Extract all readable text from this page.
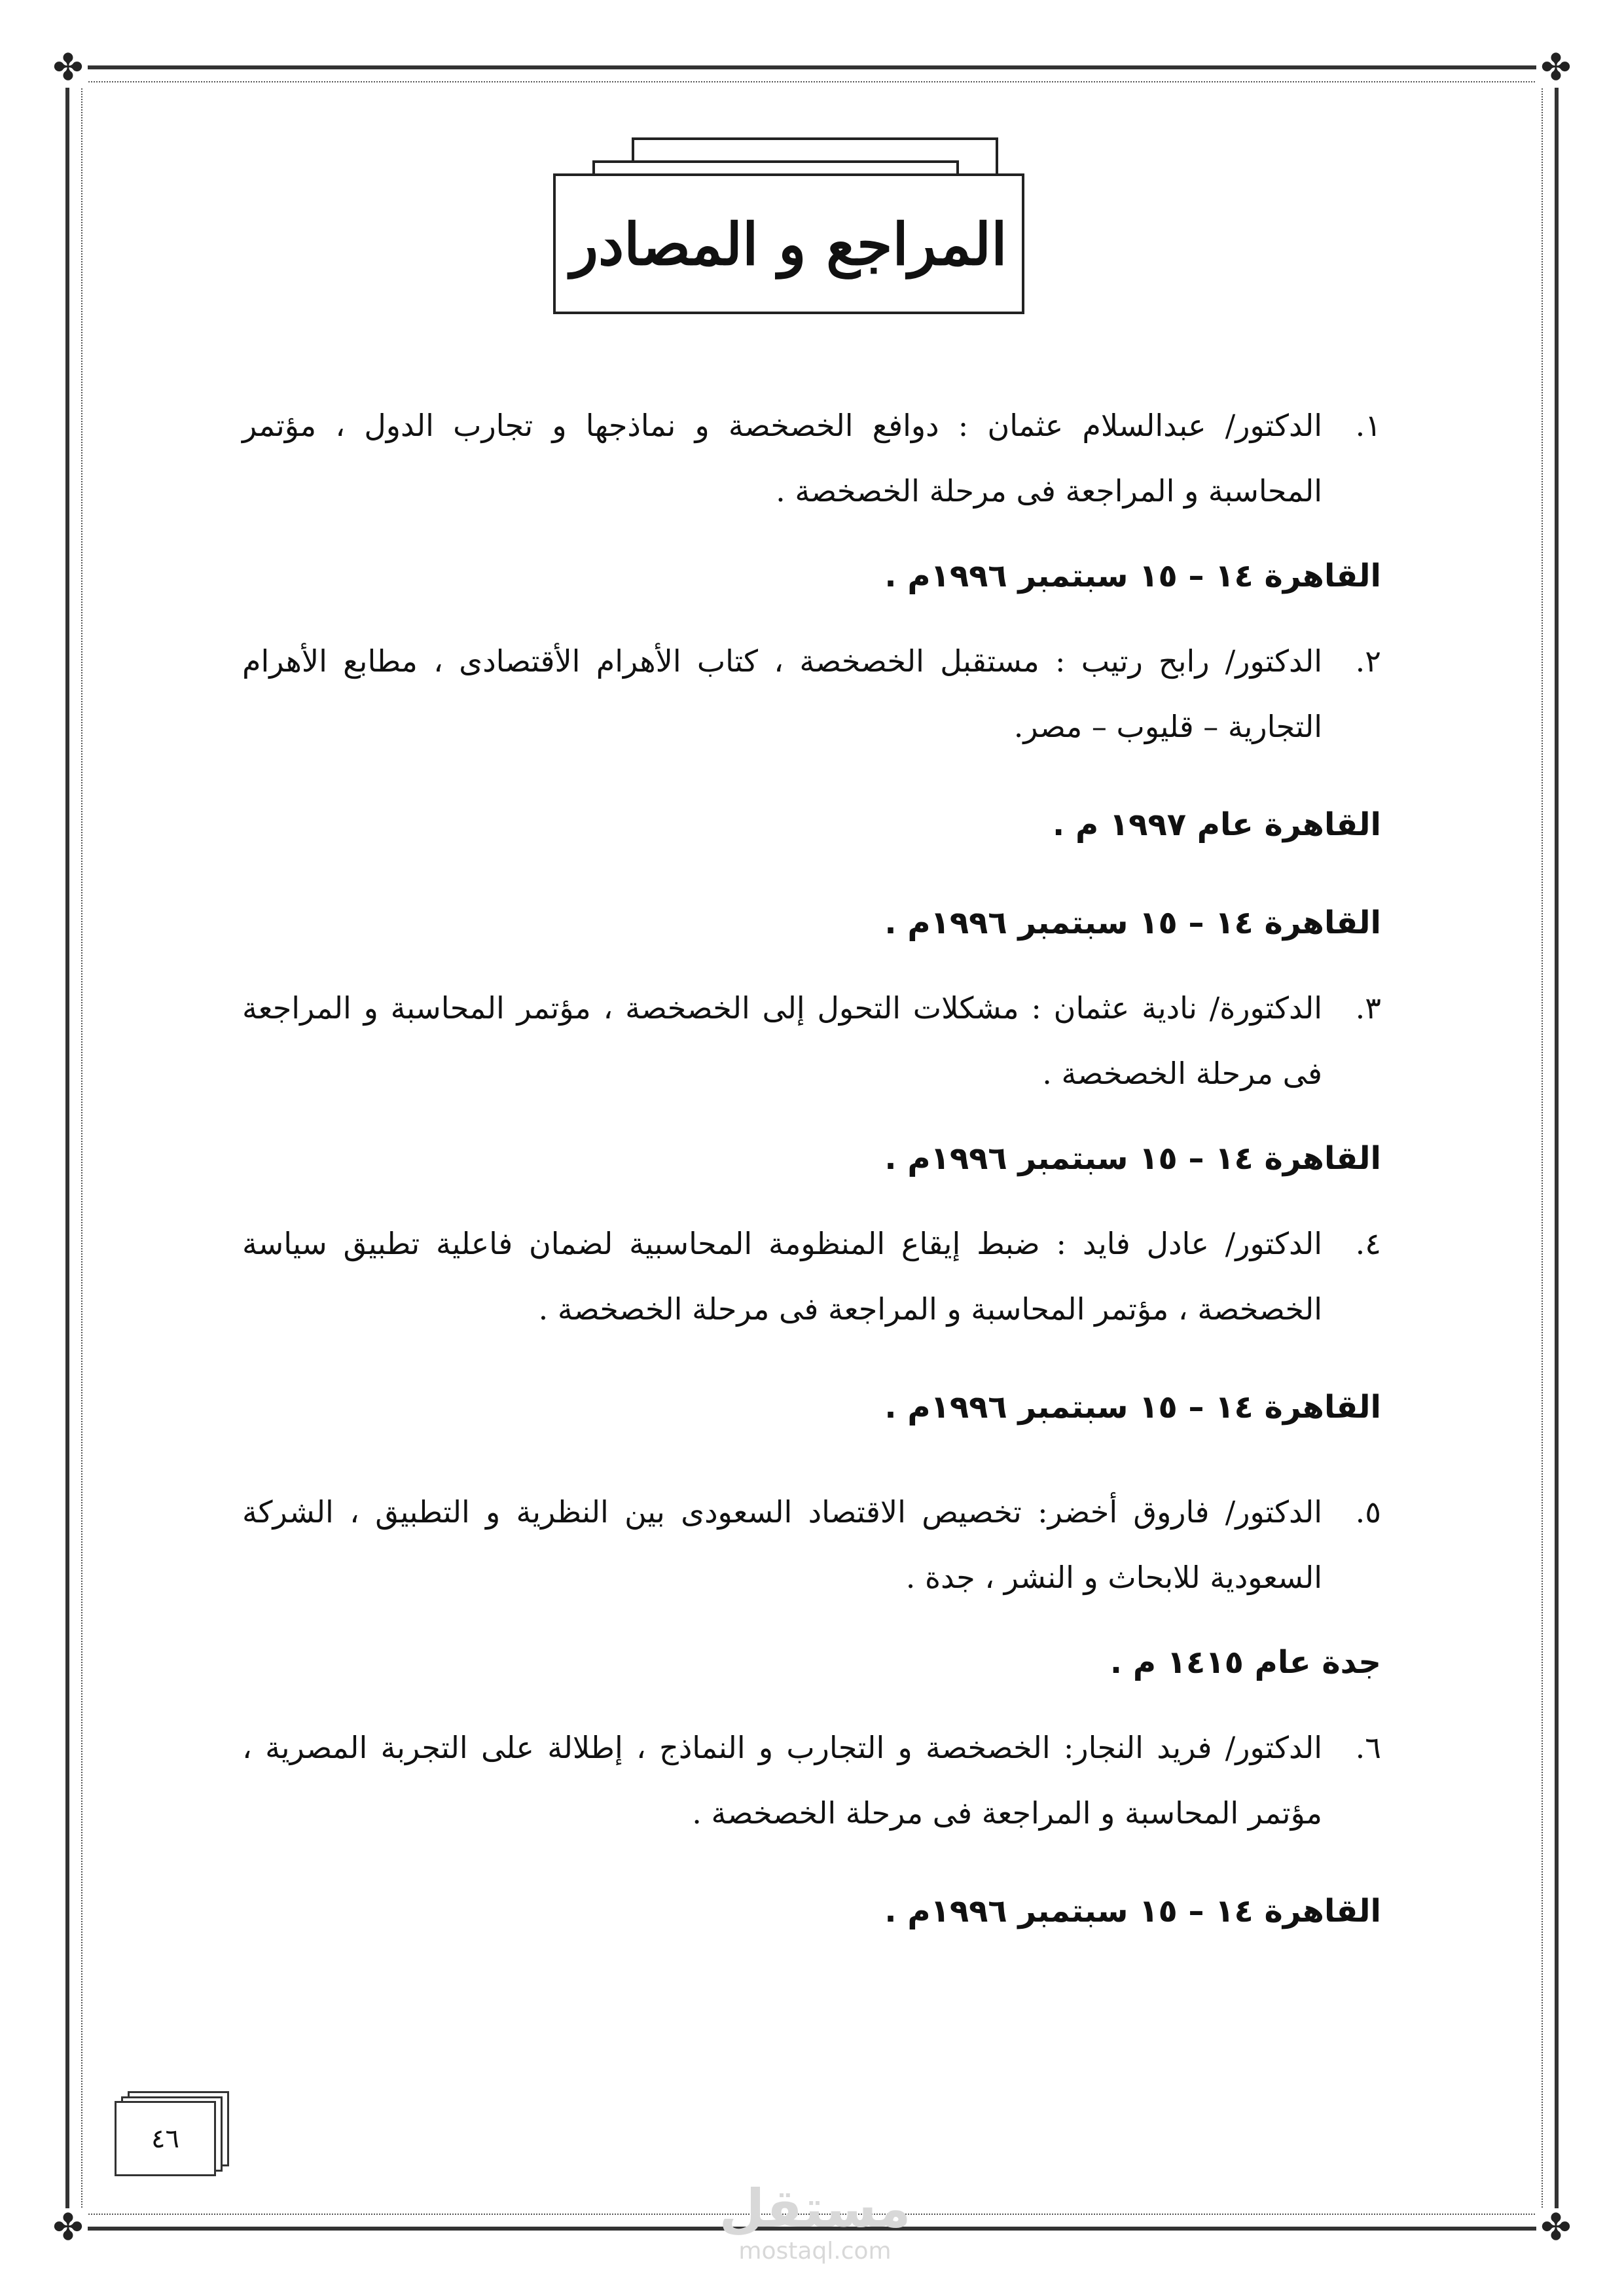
✤	✤
✤	✤
المراجع و المصادر
١.
الدكتور/ عبدالسلام عثمان : دوافع الخصخصة و نماذجها و تجارب الدول ، مؤتمر المحاسبة و المراجعة فى مرحلة الخصخصة .
القاهرة ١٤ – ١٥ سبتمبر ١٩٩٦م .
٢.
الدكتور/ رابح رتيب : مستقبل الخصخصة ، كتاب الأهرام الأقتصادى ، مطابع الأهرام التجارية – قليوب – مصر.
القاهرة عام ١٩٩٧ م .
القاهرة ١٤ – ١٥ سبتمبر ١٩٩٦م .
٣.
الدكتورة/ نادية عثمان : مشكلات التحول إلى الخصخصة ، مؤتمر المحاسبة و المراجعة فى مرحلة الخصخصة .
القاهرة ١٤ – ١٥ سبتمبر ١٩٩٦م .
٤.
الدكتور/ عادل فايد : ضبط إيقاع المنظومة المحاسبية لضمان فاعلية تطبيق سياسة الخصخصة ، مؤتمر المحاسبة و المراجعة فى مرحلة الخصخصة .
القاهرة ١٤ – ١٥ سبتمبر ١٩٩٦م .
٥.
الدكتور/ فاروق أخضر: تخصيص الاقتصاد السعودى بين النظرية و التطبيق ، الشركة السعودية للابحاث و النشر ، جدة .
جدة عام ١٤١٥ م .
٦.
الدكتور/ فريد النجار: الخصخصة و التجارب و النماذج ، إطلالة على التجربة المصرية ، مؤتمر المحاسبة و المراجعة فى مرحلة الخصخصة .
القاهرة ١٤ – ١٥ سبتمبر ١٩٩٦م .
٤٦
مستقل
mostaql.com
